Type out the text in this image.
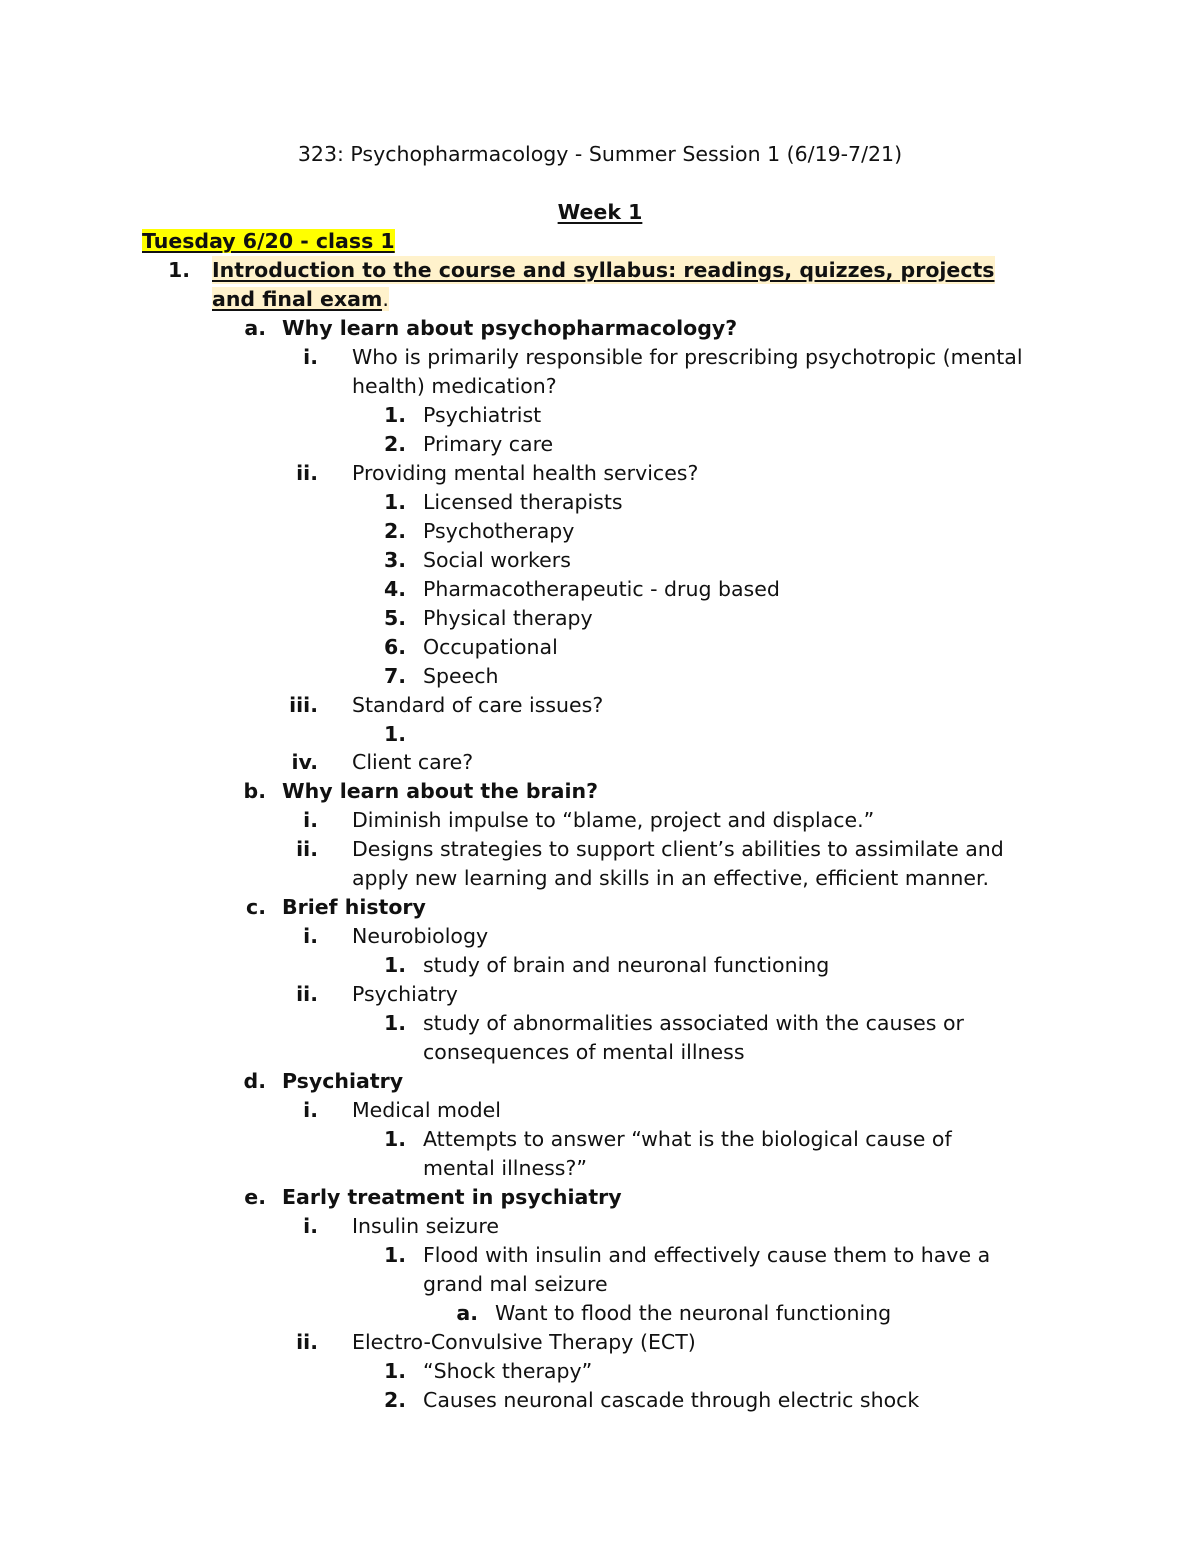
323: Psychopharmacology - Summer Session 1 (6/19-7/21)
Week 1
Tuesday 6/20 - class 1
1. Introduction to the course and syllabus: readings, quizzes, projects
and final exam.
a. Why learn about psychopharmacology?
i. Who is primarily responsible for prescribing psychotropic (mental
health) medication?
1. Psychiatrist
2. Primary care
ii. Providing mental health services?
1. Licensed therapists
2. Psychotherapy
3. Social workers
4. Pharmacotherapeutic - drug based
5. Physical therapy
6. Occupational
7. Speech
iii. Standard of care issues?
1.
iv. Client care?
b. Why learn about the brain?
i. Diminish impulse to “blame, project and displace.”
ii. Designs strategies to support client’s abilities to assimilate and
apply new learning and skills in an effective, efficient manner.
c. Brief history
i. Neurobiology
1. study of brain and neuronal functioning
ii. Psychiatry
1. study of abnormalities associated with the causes or
consequences of mental illness
d. Psychiatry
i. Medical model
1. Attempts to answer “what is the biological cause of
mental illness?”
e. Early treatment in psychiatry
i. Insulin seizure
1. Flood with insulin and effectively cause them to have a
grand mal seizure
a. Want to flood the neuronal functioning
ii. Electro-Convulsive Therapy (ECT)
1. “Shock therapy”
2. Causes neuronal cascade through electric shock
